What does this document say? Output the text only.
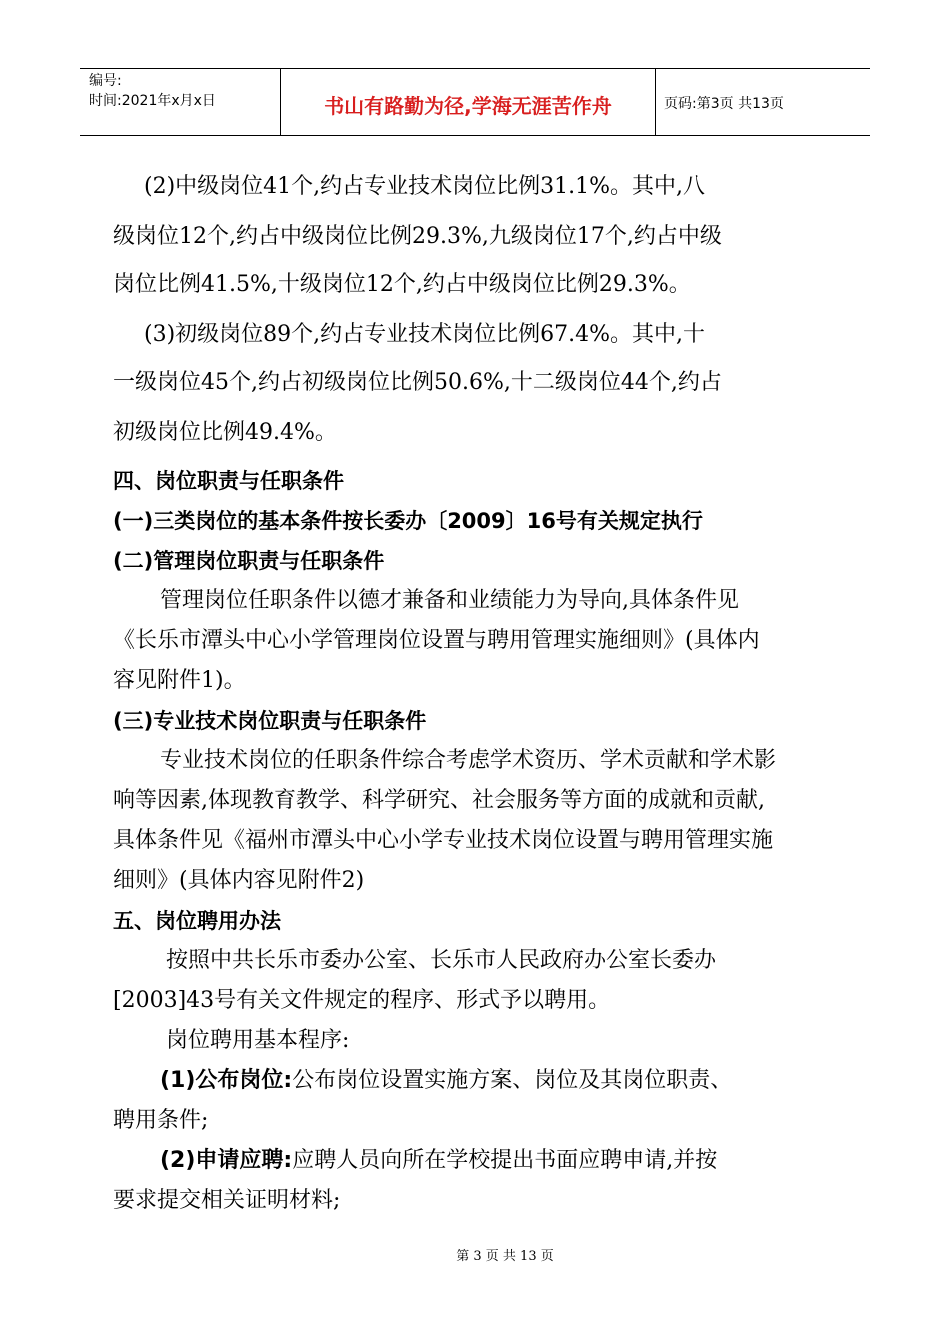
编号:
时间:2021年x月x日	书山有路勤为径,学海无涯苦作舟	页码:第3页 共13页
(2)中级岗位41个,约占专业技术岗位比例31.1%。其中,八
级岗位12个,约占中级岗位比例29.3%,九级岗位17个,约占中级
岗位比例41.5%,十级岗位12个,约占中级岗位比例29.3%。
(3)初级岗位89个,约占专业技术岗位比例67.4%。其中,十
一级岗位45个,约占初级岗位比例50.6%,十二级岗位44个,约占
初级岗位比例49.4%。
四、岗位职责与任职条件
(一)三类岗位的基本条件按长委办〔2009〕16号有关规定执行
(二)管理岗位职责与任职条件
管理岗位任职条件以德才兼备和业绩能力为导向,具体条件见
《长乐市潭头中心小学管理岗位设置与聘用管理实施细则》(具体内
容见附件1)。
(三)专业技术岗位职责与任职条件
专业技术岗位的任职条件综合考虑学术资历、学术贡献和学术影
响等因素,体现教育教学、科学研究、社会服务等方面的成就和贡献,
具体条件见《福州市潭头中心小学专业技术岗位设置与聘用管理实施
细则》(具体内容见附件2)
五、岗位聘用办法
按照中共长乐市委办公室、长乐市人民政府办公室长委办
[2003]43号有关文件规定的程序、形式予以聘用。
岗位聘用基本程序:
(1)公布岗位:公布岗位设置实施方案、岗位及其岗位职责、
聘用条件;
(2)申请应聘:应聘人员向所在学校提出书面应聘申请,并按
要求提交相关证明材料;
第 3 页 共 13 页
